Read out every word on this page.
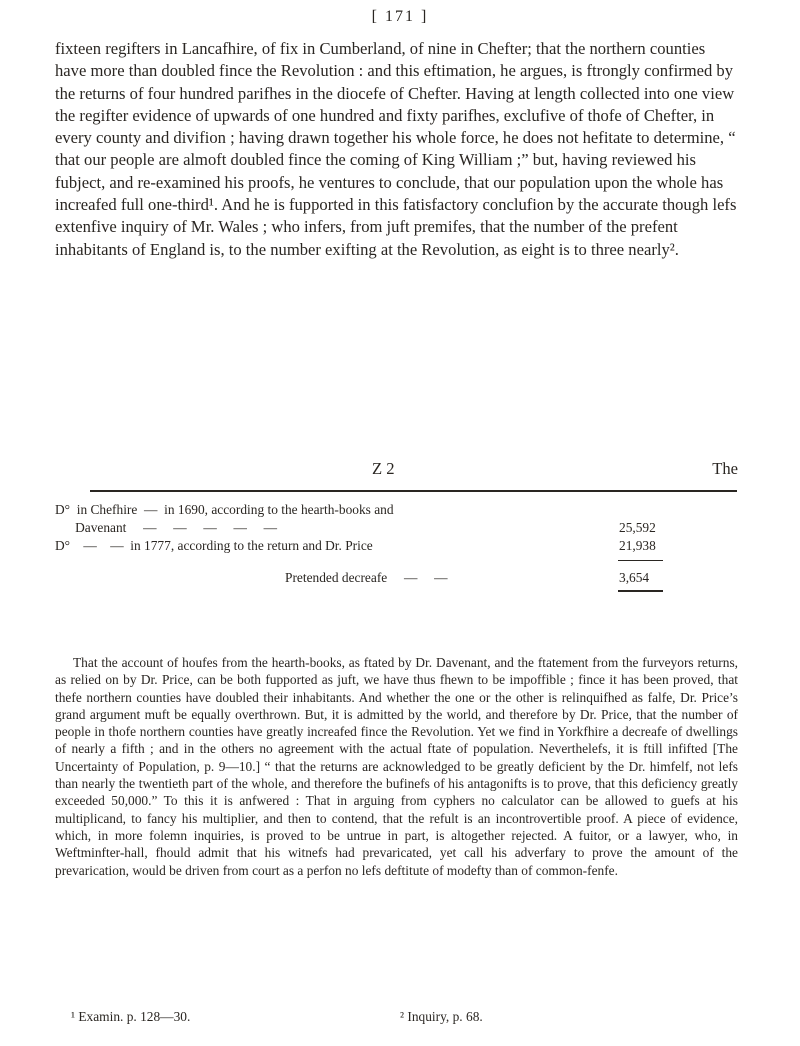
[ 171 ]

fixteen regifters in Lancafhire, of fix in Cumberland, of nine in Chefter; that the northern counties have more than doubled fince the Revolution : and this eftimation, he argues, is ftrongly confirmed by the returns of four hundred parifhes in the diocefe of Chefter. Having at length collected into one view the regifter evidence of upwards of one hundred and fixty parifhes, exclufive of thofe of Chefter, in every county and divifion ; having drawn together his whole force, he does not hefitate to determine, “ that our people are almoft doubled fince the coming of King William ;” but, having reviewed his fubject, and re-examined his proofs, he ventures to conclude, that our population upon the whole has increafed full one-third¹. And he is fupported in this fatisfactory conclufion by the accurate though lefs extenfive inquiry of Mr. Wales ; who infers, from juft premifes, that the number of the prefent inhabitants of England is, to the number exifting at the Revolution, as eight is to three nearly².

Z 2	The
D°  in Chefhire  —  in 1690, according to the hearth-books and
Davenant     —     —     —     —     —	25,592
D°    —    —  in 1777, according to the return and Dr. Price	21,938
Pretended decreafe     —     —	3,654

That the account of houfes from the hearth-books, as ftated by Dr. Davenant, and the ftatement from the furveyors returns, as relied on by Dr. Price, can be both fupported as juft, we have thus fhewn to be impoffible ; fince it has been proved, that thefe northern counties have doubled their inhabitants. And whether the one or the other is relinquifhed as falfe, Dr. Price’s grand argument muft be equally overthrown. But, it is admitted by the world, and therefore by Dr. Price, that the number of people in thofe northern counties have greatly increafed fince the Revolution. Yet we find in Yorkfhire a decreafe of dwellings of nearly a fifth ; and in the others no agreement with the actual ftate of population. Neverthelefs, it is ftill infifted [The Uncertainty of Population, p. 9—10.] “ that the returns are acknowledged to be greatly deficient by the Dr. himfelf, not lefs than nearly the twentieth part of the whole, and therefore the bufinefs of his antagonifts is to prove, that this deficiency greatly exceeded 50,000.” To this it is anfwered : That in arguing from cyphers no calculator can be allowed to guefs at his multiplicand, to fancy his multiplier, and then to contend, that the refult is an incontrovertible proof. A piece of evidence, which, in more folemn inquiries, is proved to be untrue in part, is altogether rejected. A fuitor, or a lawyer, who, in Weftminfter-hall, fhould admit that his witnefs had prevaricated, yet call his adverfary to prove the amount of the prevarication, would be driven from court as a perfon no lefs deftitute of modefty than of common-fenfe.

¹ Examin. p. 128—30.	² Inquiry, p. 68.
